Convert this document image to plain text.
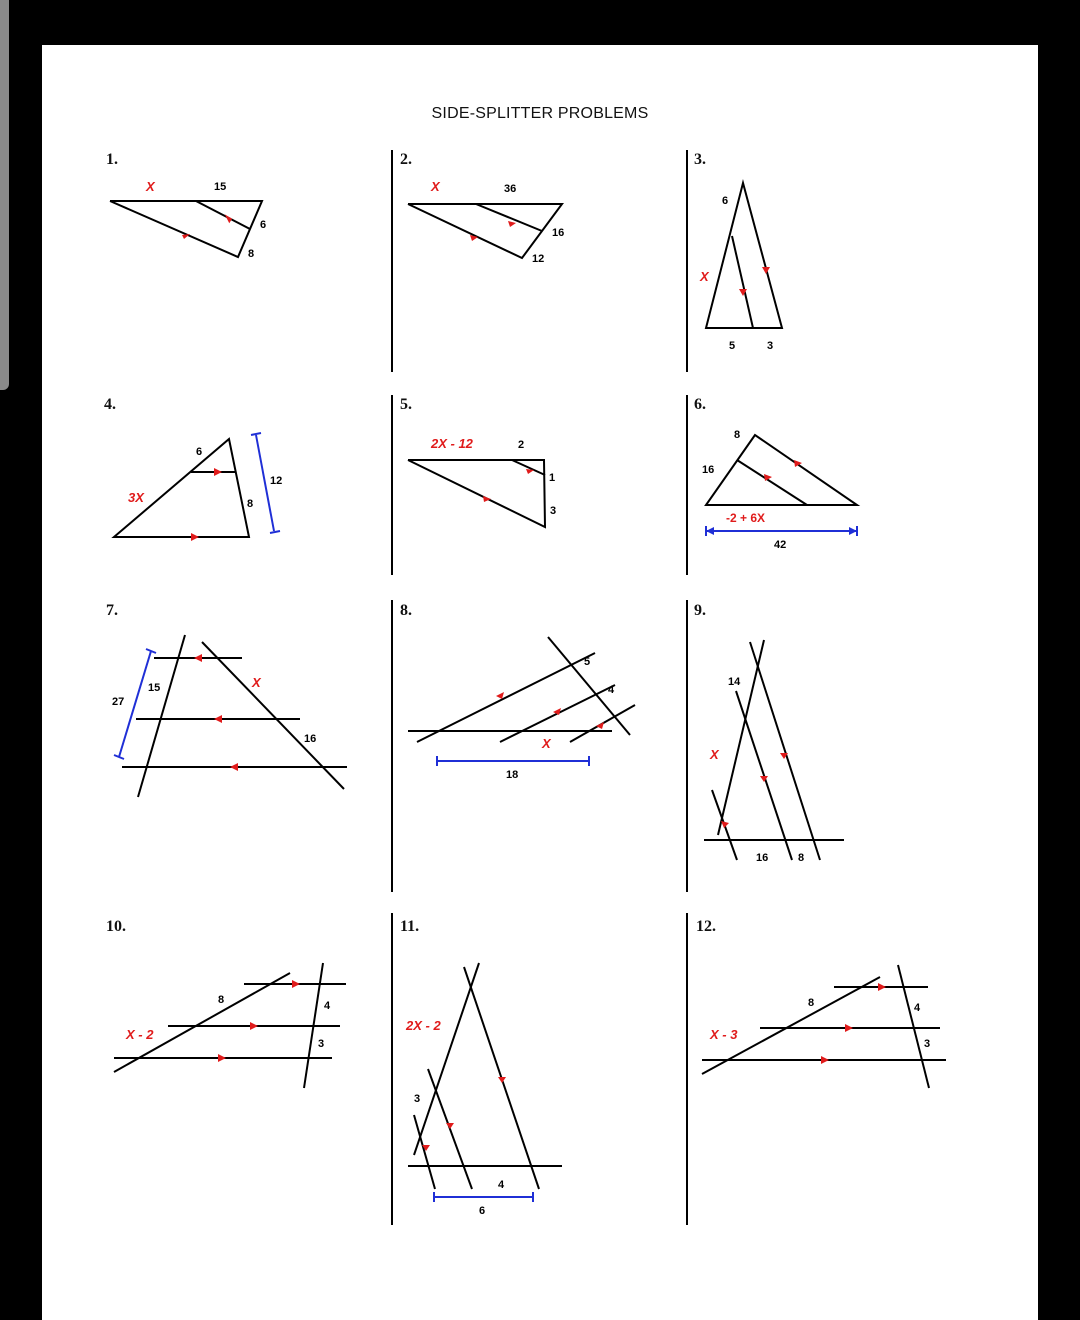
SIDE-SPLITTER PROBLEMS
1.	2.	3.
4.	5.	6.
7.	8.	9.
10.	11.	12.
X	15
6
8
X	36
16
12
6
X
5	3
6
3X
12
8
2X - 12	2
1
3
8
16
-2 + 6X
42
27
15	X
16
5
4
X
18
14
X
16	8
8	4
X - 2
3
2X - 2
3
4
6
8	4
X - 3
3
